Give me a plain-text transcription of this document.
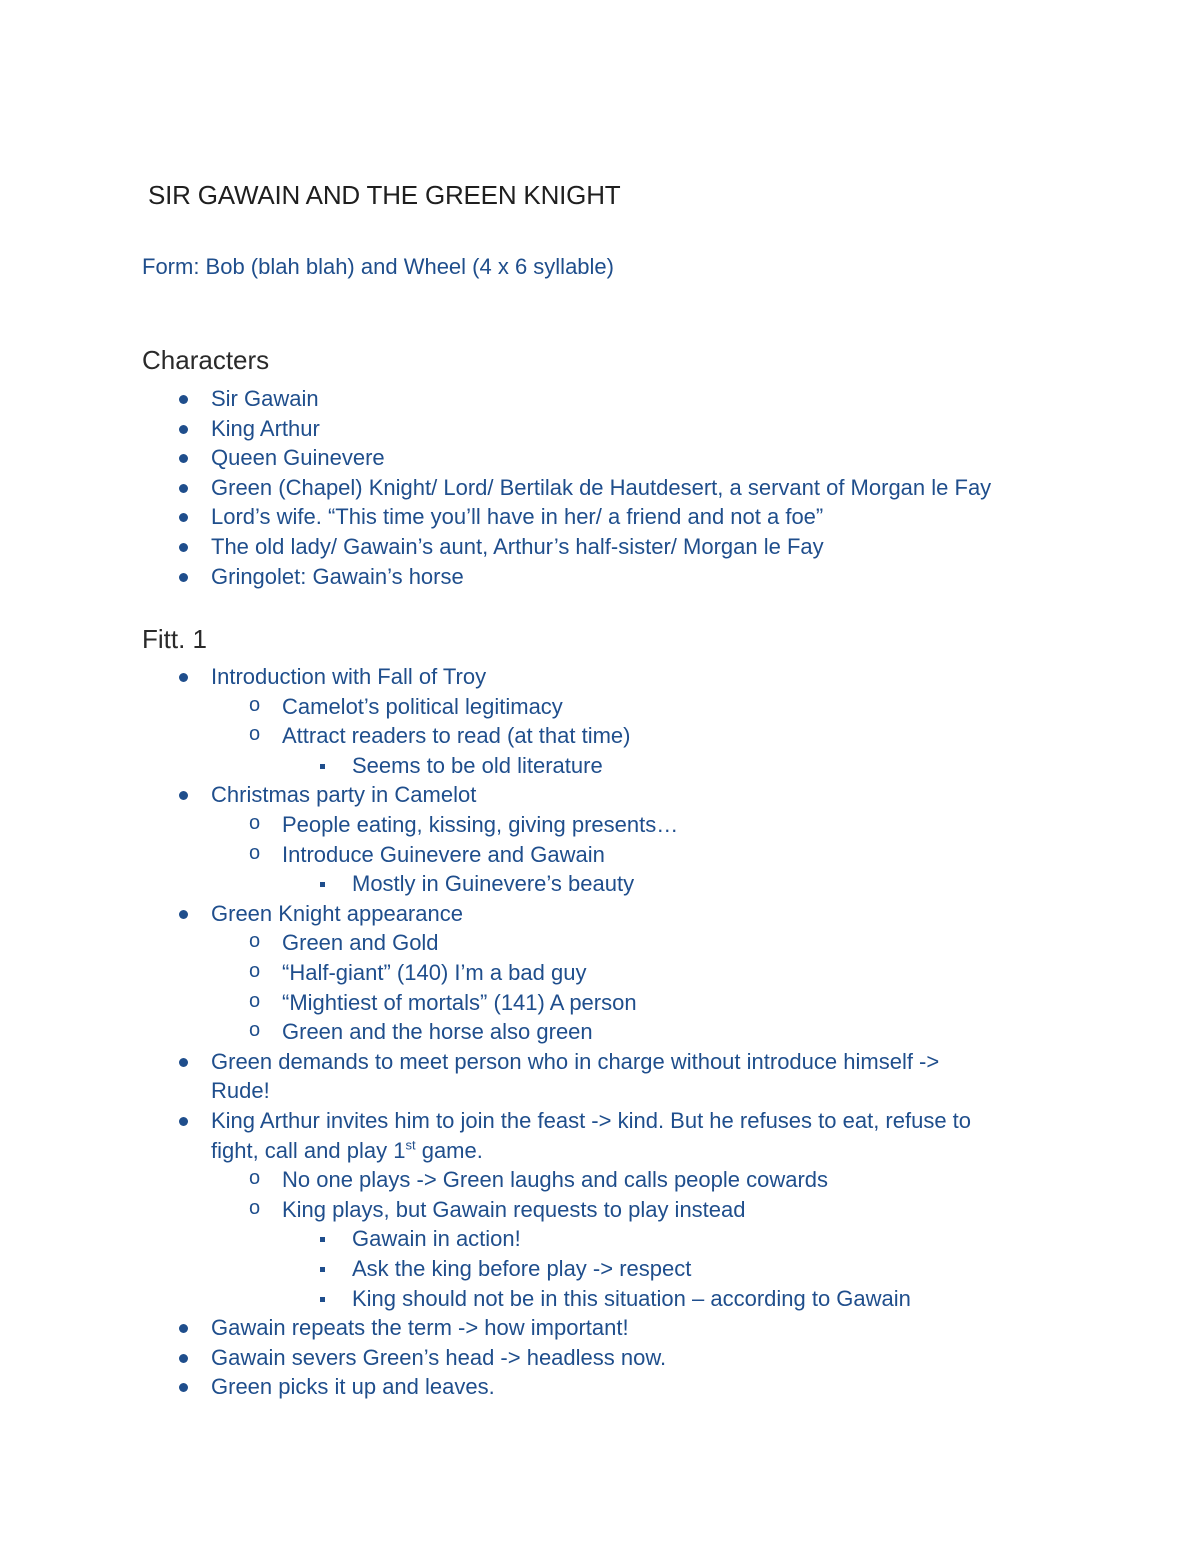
SIR GAWAIN AND THE GREEN KNIGHT
Form: Bob (blah blah) and Wheel (4 x 6 syllable)
Characters
Sir Gawain
King Arthur
Queen Guinevere
Green (Chapel) Knight/ Lord/ Bertilak de Hautdesert, a servant of Morgan le Fay
Lord’s wife. “This time you’ll have in her/ a friend and not a foe”
The old lady/ Gawain’s aunt, Arthur’s half-sister/ Morgan le Fay
Gringolet: Gawain’s horse
Fitt. 1
Introduction with Fall of Troy
o Camelot’s political legitimacy
o Attract readers to read (at that time)
Seems to be old literature
Christmas party in Camelot
o People eating, kissing, giving presents…
o Introduce Guinevere and Gawain
Mostly in Guinevere’s beauty
Green Knight appearance
o Green and Gold
o “Half-giant” (140) I’m a bad guy
o “Mightiest of mortals” (141) A person
o Green and the horse also green
Green demands to meet person who in charge without introduce himself ->
Rude!
King Arthur invites him to join the feast -> kind. But he refuses to eat, refuse to
fight, call and play 1st game.
o No one plays -> Green laughs and calls people cowards
o King plays, but Gawain requests to play instead
Gawain in action!
Ask the king before play -> respect
King should not be in this situation – according to Gawain
Gawain repeats the term -> how important!
Gawain severs Green’s head -> headless now.
Green picks it up and leaves.
